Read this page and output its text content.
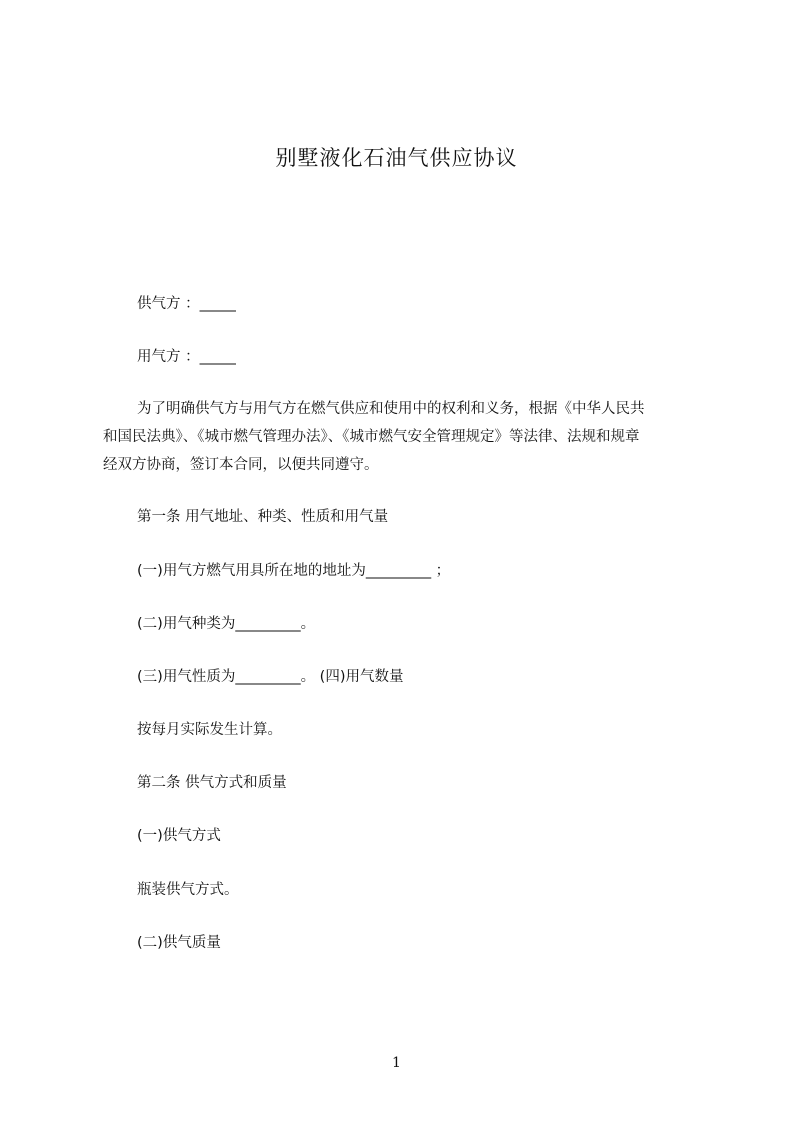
别墅液化石油气供应协议
供气方 ：_____
用气方 ：_____
为了明确供气方与用气方在燃气供应和使用中的权利和义务，根据《中华人民共
和国民法典》、《城市燃气管理办法》、《城市燃气安全管理规定》等法律、法规和规章
经双方协商，签订本合同，以便共同遵守。
第一条 用气地址、种类、性质和用气量
(一)用气方燃气用具所在地的地址为_________ ；
(二)用气种类为_________。
(三)用气性质为_________。 (四)用气数量
按每月实际发生计算。
第二条 供气方式和质量
(一)供气方式
瓶装供气方式。
(二)供气质量
1
